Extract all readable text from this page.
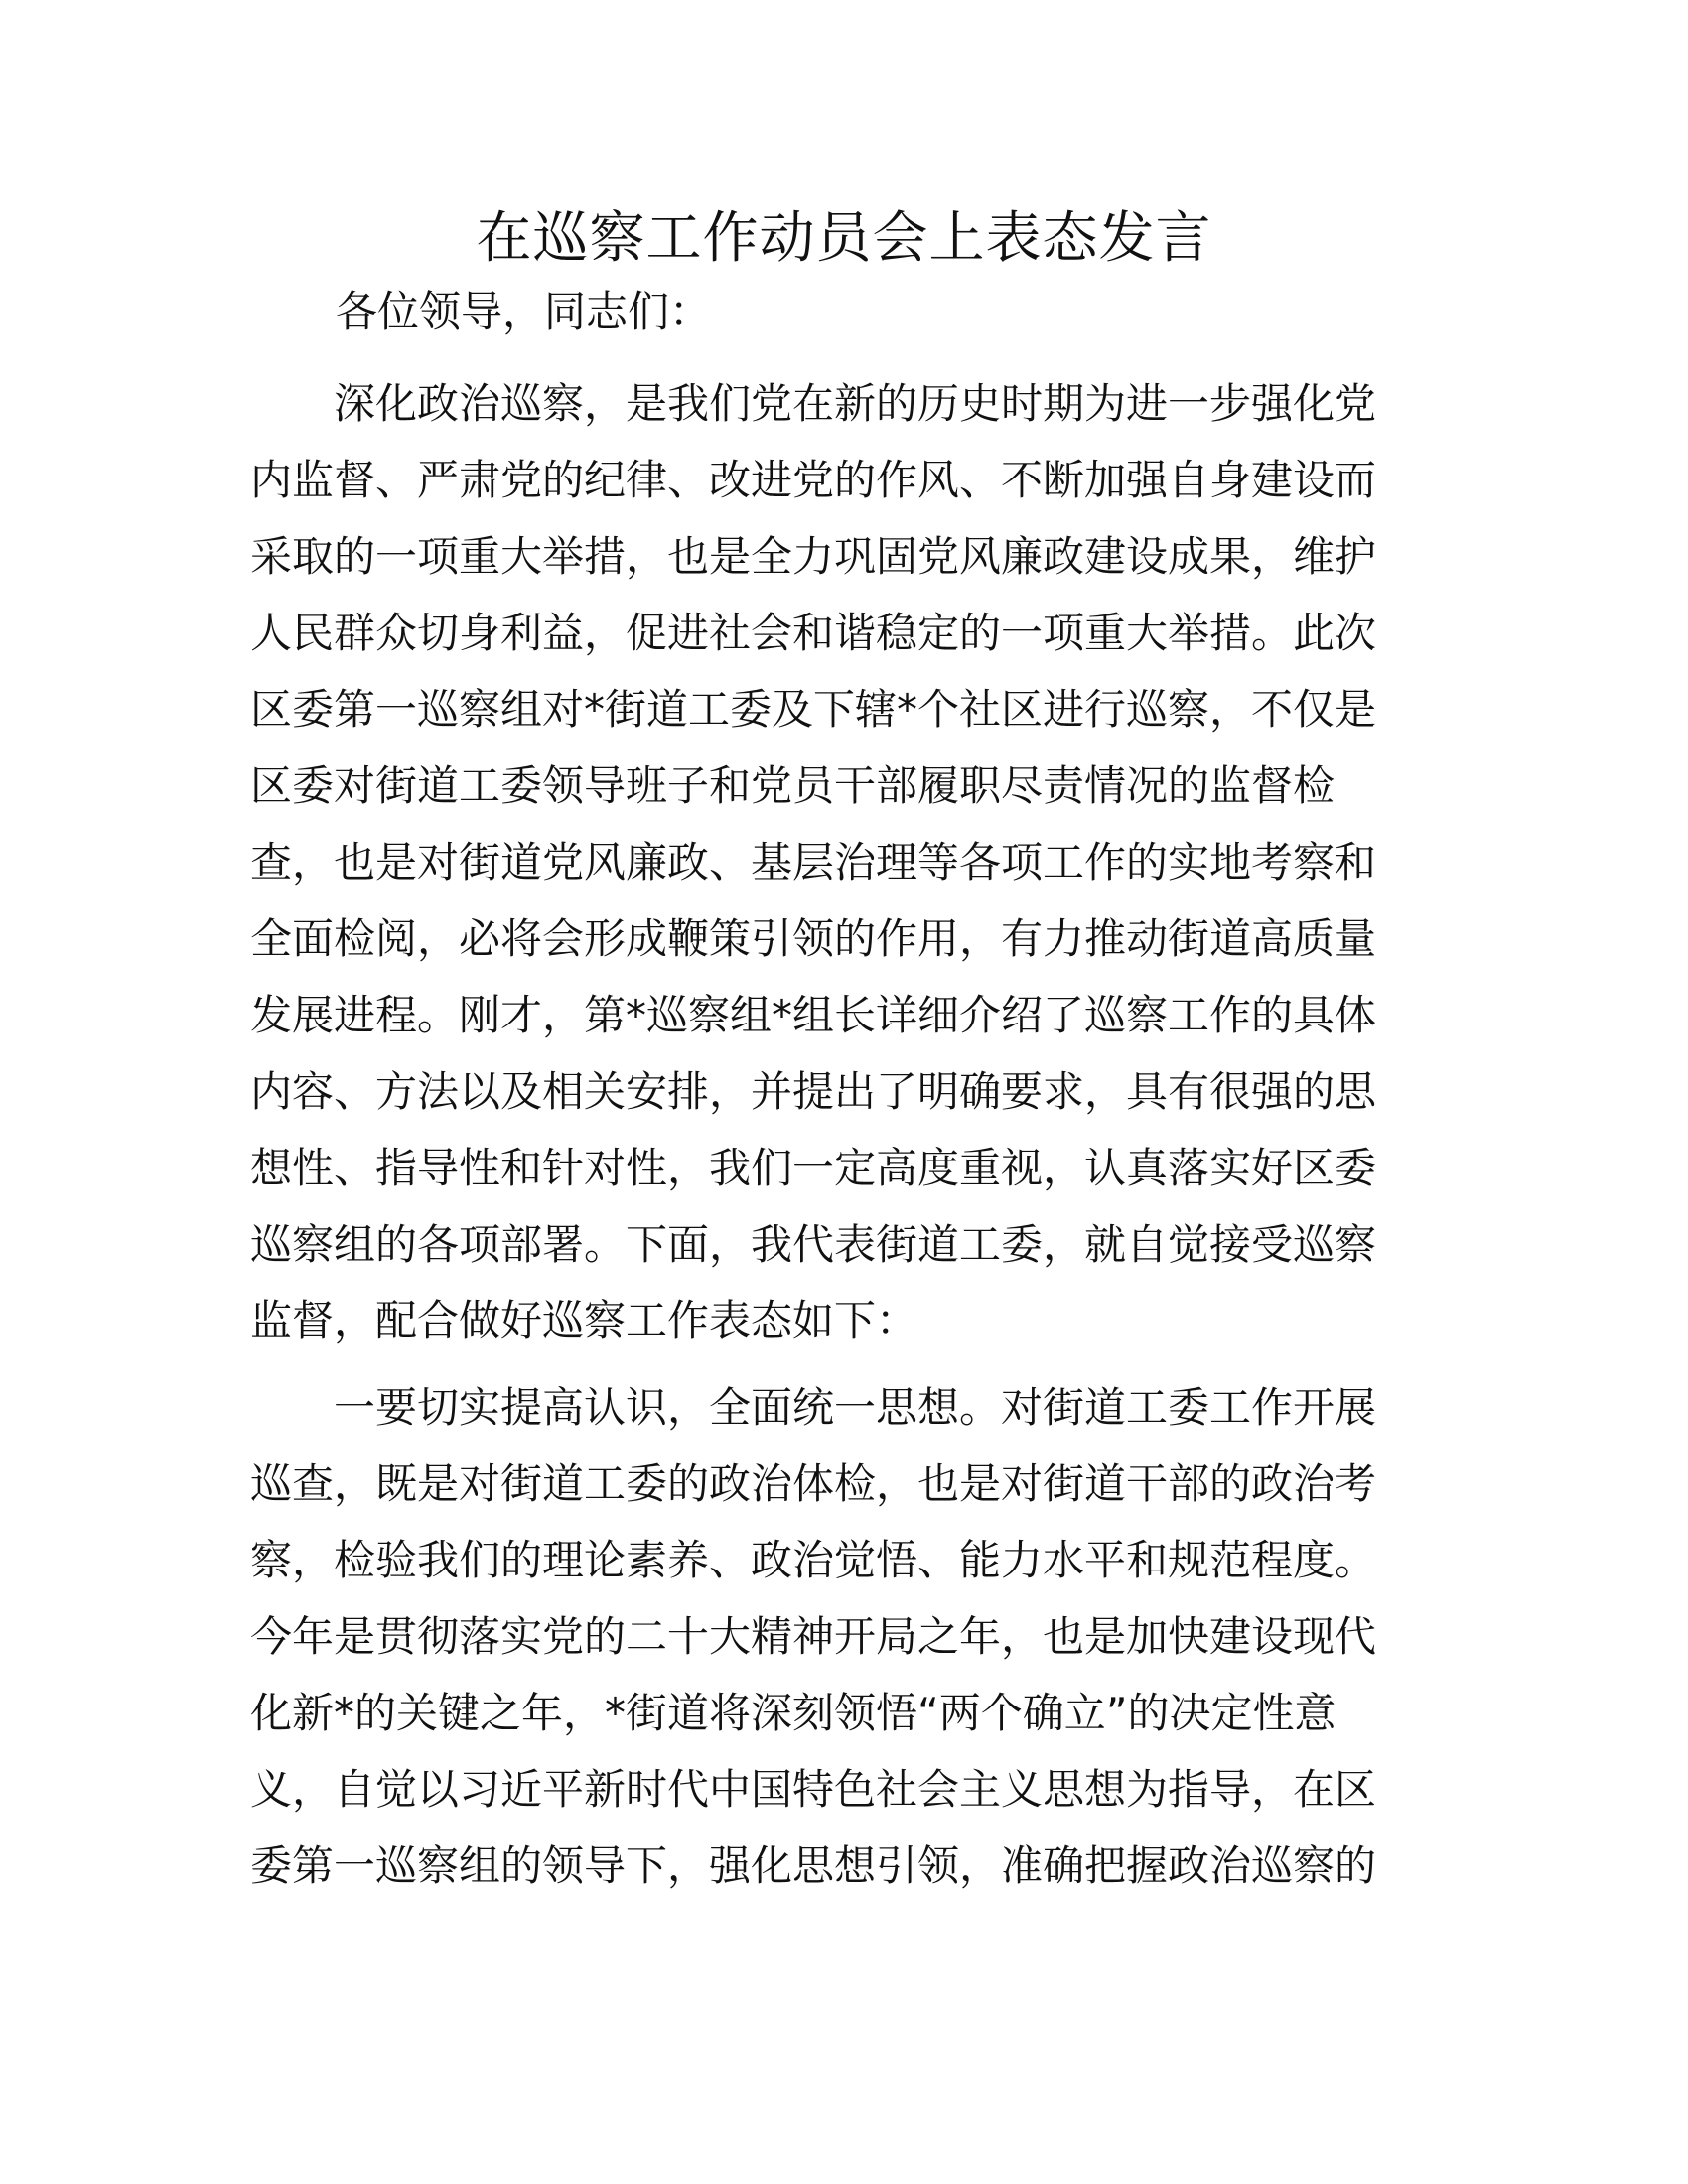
在巡察工作动员会上表态发言

各位领导，同志们：

　　深化政治巡察，是我们党在新的历史时期为进一步强化党
内监督、严肃党的纪律、改进党的作风、不断加强自身建设而
采取的一项重大举措，也是全力巩固党风廉政建设成果，维护
人民群众切身利益，促进社会和谐稳定的一项重大举措。此次
区委第一巡察组对*街道工委及下辖*个社区进行巡察，不仅是
区委对街道工委领导班子和党员干部履职尽责情况的监督检
查，也是对街道党风廉政、基层治理等各项工作的实地考察和
全面检阅，必将会形成鞭策引领的作用，有力推动街道高质量
发展进程。刚才，第*巡察组*组长详细介绍了巡察工作的具体
内容、方法以及相关安排，并提出了明确要求，具有很强的思
想性、指导性和针对性，我们一定高度重视，认真落实好区委
巡察组的各项部署。下面，我代表街道工委，就自觉接受巡察
监督，配合做好巡察工作表态如下：

　　一要切实提高认识，全面统一思想。对街道工委工作开展
巡查，既是对街道工委的政治体检，也是对街道干部的政治考
察，检验我们的理论素养、政治觉悟、能力水平和规范程度。
今年是贯彻落实党的二十大精神开局之年，也是加快建设现代
化新*的关键之年，*街道将深刻领悟“两个确立”的决定性意
义，自觉以习近平新时代中国特色社会主义思想为指导，在区
委第一巡察组的领导下，强化思想引领，准确把握政治巡察的
